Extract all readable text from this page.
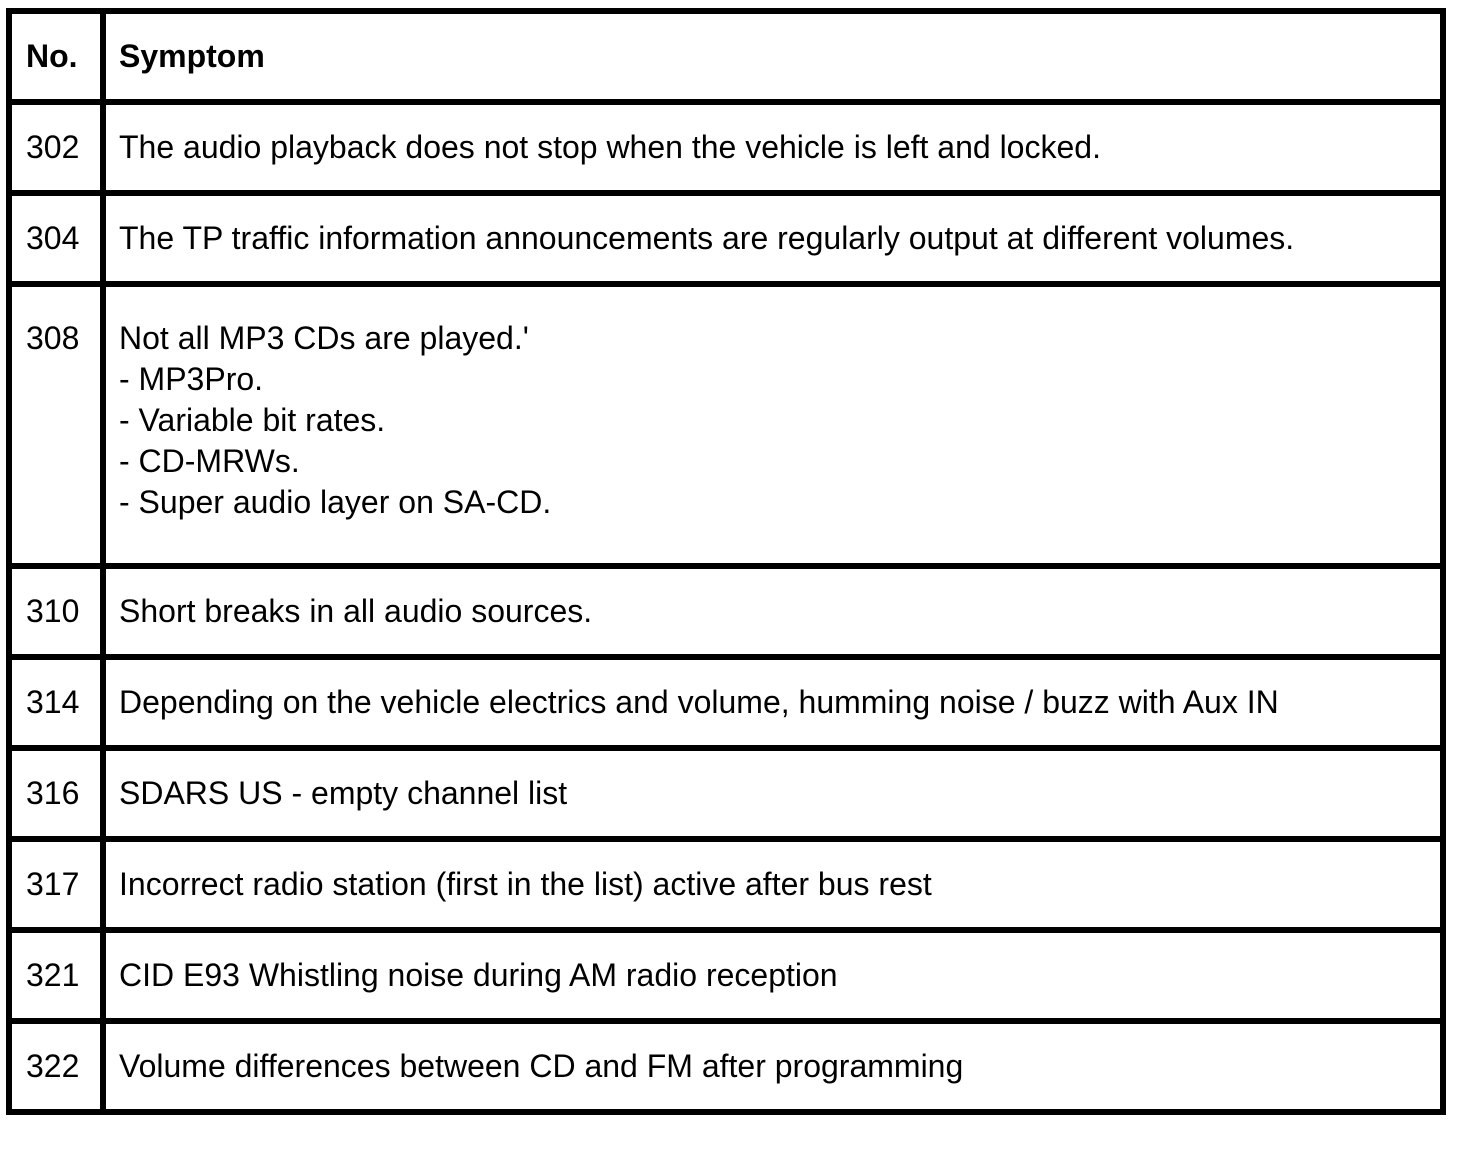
No.	Symptom
302	The audio playback does not stop when the vehicle is left and locked.

304	The TP traffic information announcements are regularly output at different volumes.

308	Not all MP3 CDs are played.'
- MP3Pro.
- Variable bit rates.
- CD-MRWs.
- Super audio layer on SA-CD.

310	Short breaks in all audio sources.

314	Depending on the vehicle electrics and volume, humming noise / buzz with Aux IN

316	SDARS US - empty channel list

317	Incorrect radio station (first in the list) active after bus rest

321	CID E93 Whistling noise during AM radio reception

322	Volume differences between CD and FM after programming
